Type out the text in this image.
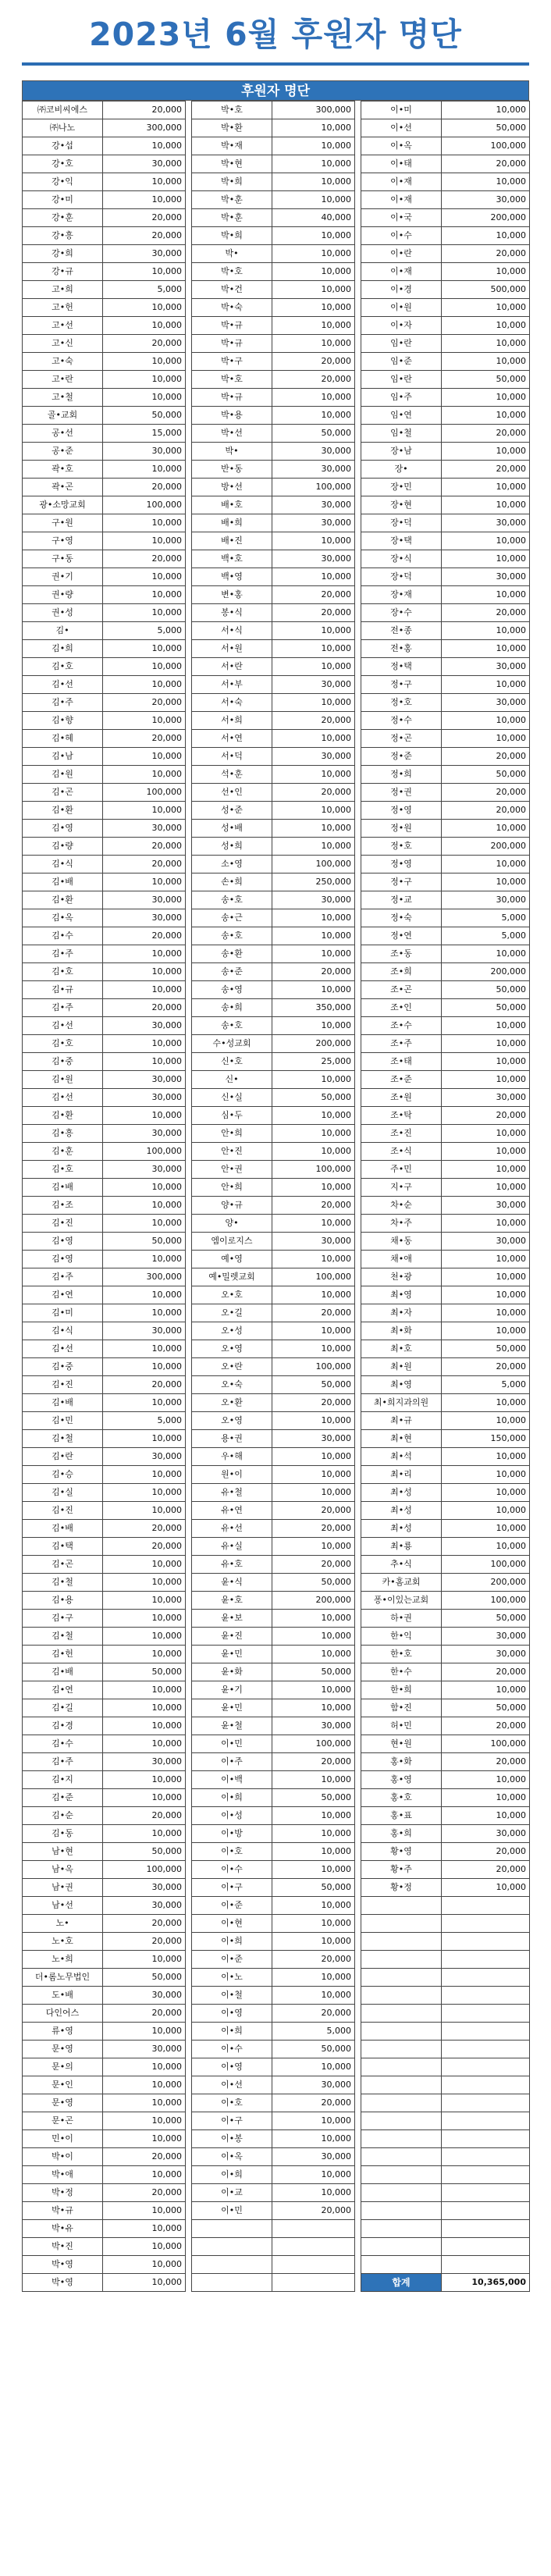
2023년 6월 후원자 명단
후원자 명단
㈜코비씨에스	20,000		박•호	300,000		이•미	10,000
㈜나노	300,000		박•환	10,000		이•선	50,000
강•섭	10,000		박•재	10,000		이•옥	100,000
강•호	30,000		박•현	10,000		이•태	20,000
강•익	10,000		박•희	10,000		이•재	10,000
강•미	10,000		박•훈	10,000		이•재	30,000
강•훈	20,000		박•훈	40,000		이•국	200,000
강•흥	20,000		박•희	10,000		이•수	10,000
강•희	30,000		박•	10,000		이•란	20,000
강•규	10,000		박•호	10,000		이•재	10,000
고•희	5,000		박•건	10,000		이•경	500,000
고•헌	10,000		박•숙	10,000		이•원	10,000
고•선	10,000		박•규	10,000		이•자	10,000
고•신	20,000		박•규	10,000		임•란	10,000
고•숙	10,000		박•구	20,000		임•준	10,000
고•란	10,000		박•호	20,000		임•란	50,000
고•철	10,000		박•규	10,000		임•주	10,000
골•교회	50,000		박•용	10,000		임•연	10,000
공•선	15,000		박•선	50,000		임•철	20,000
공•준	30,000		박•	30,000		장•남	10,000
곽•호	10,000		반•동	30,000		장•	20,000
곽•곤	20,000		방•선	100,000		장•민	10,000
광•소망교회	100,000		배•호	30,000		장•현	10,000
구•원	10,000		배•희	30,000		장•덕	30,000
구•영	10,000		배•진	10,000		장•택	10,000
구•동	20,000		백•호	30,000		장•식	10,000
권•기	10,000		백•영	10,000		장•덕	30,000
권•량	10,000		변•홍	20,000		장•재	10,000
권•성	10,000		봉•식	20,000		장•수	20,000
김•	5,000		서•식	10,000		전•종	10,000
김•희	10,000		서•원	10,000		전•홍	10,000
김•호	10,000		서•란	10,000		정•택	30,000
김•선	10,000		서•부	30,000		정•구	10,000
김•주	20,000		서•숙	10,000		정•호	30,000
김•향	10,000		서•희	20,000		정•수	10,000
김•혜	20,000		서•연	10,000		정•곤	10,000
김•남	10,000		서•덕	30,000		정•준	20,000
김•원	10,000		석•훈	10,000		정•희	50,000
김•곤	100,000		선•인	20,000		정•권	20,000
김•환	10,000		성•준	10,000		정•영	20,000
김•영	30,000		성•배	10,000		정•원	10,000
김•량	20,000		성•희	10,000		정•호	200,000
김•식	20,000		소•영	100,000		정•영	10,000
김•배	10,000		손•희	250,000		정•구	10,000
김•환	30,000		송•호	30,000		정•교	30,000
김•옥	30,000		송•근	10,000		정•숙	5,000
김•수	20,000		송•호	10,000		정•연	5,000
김•주	10,000		송•환	10,000		조•동	10,000
김•호	10,000		송•준	20,000		조•희	200,000
김•규	10,000		송•영	10,000		조•곤	50,000
김•주	20,000		송•희	350,000		조•인	50,000
김•선	30,000		송•호	10,000		조•수	10,000
김•호	10,000		수•성교회	200,000		조•주	10,000
김•중	10,000		신•호	25,000		조•태	10,000
김•원	30,000		신•	10,000		조•준	10,000
김•선	30,000		신•실	50,000		조•원	30,000
김•환	10,000		심•두	10,000		조•탁	20,000
김•흥	30,000		안•희	10,000		조•진	10,000
김•훈	100,000		안•진	10,000		조•식	10,000
김•호	30,000		안•권	100,000		주•민	10,000
김•배	10,000		안•희	10,000		지•구	10,000
김•조	10,000		양•규	20,000		차•순	30,000
김•진	10,000		양•	10,000		차•주	10,000
김•영	50,000		엠이로지스	30,000		채•동	30,000
김•영	10,000		예•영	10,000		채•애	10,000
김•주	300,000		예•밀렛교회	100,000		천•광	10,000
김•연	10,000		오•호	10,000		최•영	10,000
김•미	10,000		오•길	20,000		최•자	10,000
김•식	30,000		오•성	10,000		최•화	10,000
김•선	10,000		오•영	10,000		최•호	50,000
김•중	10,000		오•란	100,000		최•원	20,000
김•진	20,000		오•숙	50,000		최•영	5,000
김•배	10,000		오•환	20,000		최•희지과의원	10,000
김•민	5,000		오•영	10,000		최•규	10,000
김•철	10,000		용•권	30,000		최•현	150,000
김•란	30,000		우•해	10,000		최•석	10,000
김•승	10,000		원•이	10,000		최•리	10,000
김•실	10,000		유•철	10,000		최•성	10,000
김•진	10,000		유•연	20,000		최•성	10,000
김•배	20,000		유•선	20,000		최•성	10,000
김•택	20,000		유•실	10,000		최•룡	10,000
김•곤	10,000		유•호	20,000		추•식	100,000
김•철	10,000		윤•식	50,000		카•홈교회	200,000
김•용	10,000		윤•호	200,000		퐁•이있는교회	100,000
김•구	10,000		윤•보	10,000		하•권	50,000
김•철	10,000		윤•진	10,000		한•익	30,000
김•헌	10,000		윤•민	10,000		한•호	30,000
김•배	50,000		윤•화	50,000		한•수	20,000
김•연	10,000		윤•기	10,000		한•희	10,000
김•길	10,000		윤•민	10,000		함•진	50,000
김•경	10,000		윤•철	30,000		허•민	20,000
김•수	10,000		이•민	100,000		현•원	100,000
김•주	30,000		이•주	20,000		홍•화	20,000
김•지	10,000		이•백	10,000		홍•영	10,000
김•준	10,000		이•희	50,000		홍•호	10,000
김•순	20,000		이•성	10,000		홍•표	10,000
김•동	10,000		이•방	10,000		홍•희	30,000
남•현	50,000		이•호	10,000		황•영	20,000
남•옥	100,000		이•수	10,000		황•주	20,000
남•권	30,000		이•구	50,000		황•정	10,000
남•선	30,000		이•준	10,000			
노•	20,000		이•현	10,000			
노•호	20,000		이•희	10,000			
노•희	10,000		이•준	20,000			
더•롬노무법인	50,000		이•노	10,000			
도•배	30,000		이•철	10,000			
다인어스	20,000		이•영	20,000			
류•영	10,000		이•희	5,000			
문•영	30,000		이•수	50,000			
문•의	10,000		이•영	10,000			
문•인	10,000		이•선	30,000			
문•영	10,000		이•호	20,000			
문•곤	10,000		이•구	10,000			
민•이	10,000		이•봉	10,000			
박•이	20,000		이•옥	30,000			
박•애	10,000		이•희	10,000			
박•정	20,000		이•교	10,000			
박•규	10,000		이•민	20,000			
박•유	10,000						
박•진	10,000						
박•영	10,000						
박•영	10,000					합계	10,365,000
